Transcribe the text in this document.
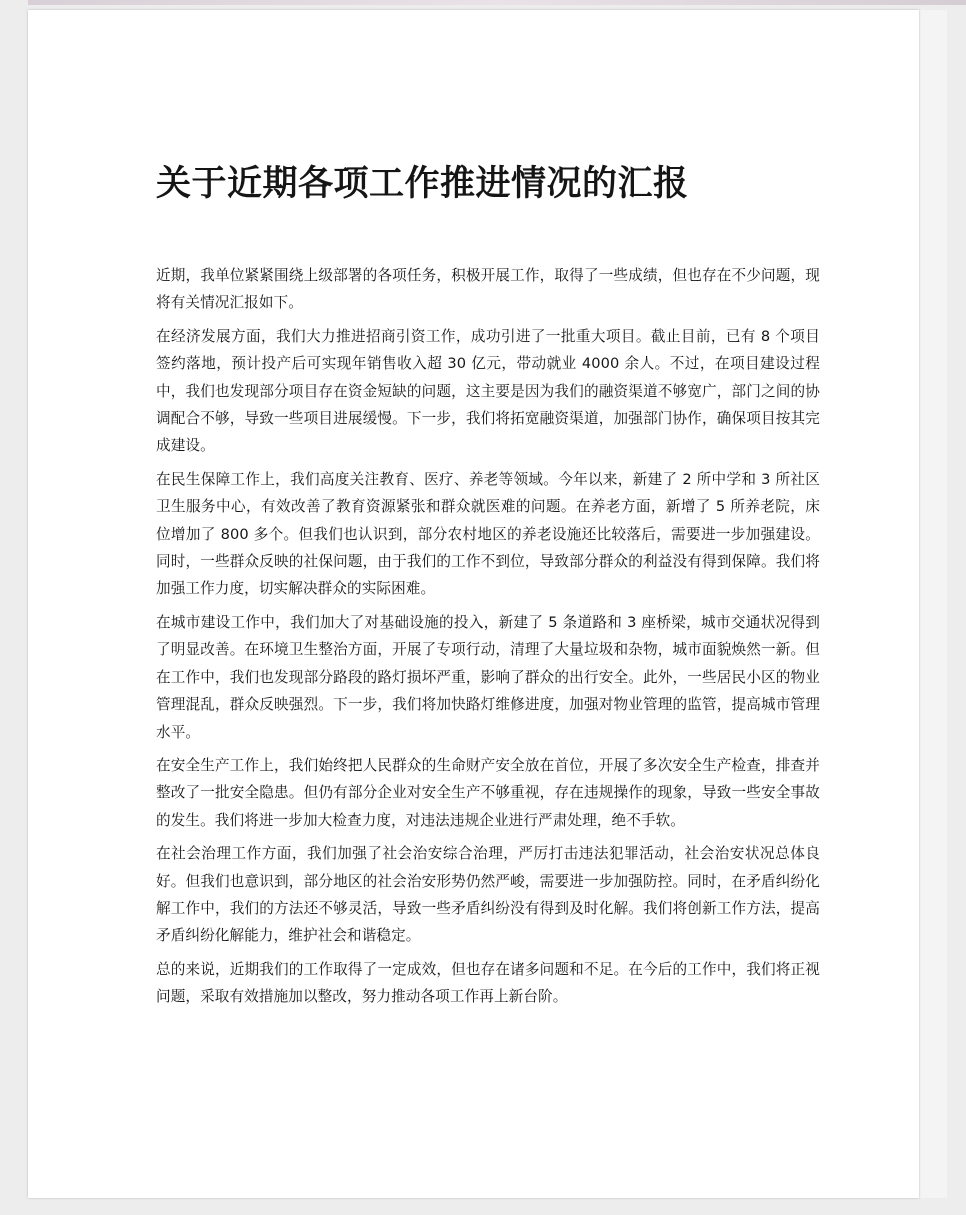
关于近期各项工作推进情况的汇报

近期，我单位紧紧围绕上级部署的各项任务，积极开展工作，取得了一些成绩，但也存在不少问题，现将有关情况汇报如下。

在经济发展方面，我们大力推进招商引资工作，成功引进了一批重大项目。截止目前，已有 8 个项目签约落地，预计投产后可实现年销售收入超 30 亿元，带动就业 4000 余人。不过，在项目建设过程中，我们也发现部分项目存在资金短缺的问题，这主要是因为我们的融资渠道不够宽广，部门之间的协调配合不够，导致一些项目进展缓慢。下一步，我们将拓宽融资渠道，加强部门协作，确保项目按其完成建设。

在民生保障工作上，我们高度关注教育、医疗、养老等领域。今年以来，新建了 2 所中学和 3 所社区卫生服务中心，有效改善了教育资源紧张和群众就医难的问题。在养老方面，新增了 5 所养老院，床位增加了 800 多个。但我们也认识到，部分农村地区的养老设施还比较落后，需要进一步加强建设。同时，一些群众反映的社保问题，由于我们的工作不到位，导致部分群众的利益没有得到保障。我们将加强工作力度，切实解决群众的实际困难。

在城市建设工作中，我们加大了对基础设施的投入，新建了 5 条道路和 3 座桥梁，城市交通状况得到了明显改善。在环境卫生整治方面，开展了专项行动，清理了大量垃圾和杂物，城市面貌焕然一新。但在工作中，我们也发现部分路段的路灯损坏严重，影响了群众的出行安全。此外，一些居民小区的物业管理混乱，群众反映强烈。下一步，我们将加快路灯维修进度，加强对物业管理的监管，提高城市管理水平。

在安全生产工作上，我们始终把人民群众的生命财产安全放在首位，开展了多次安全生产检查，排查并整改了一批安全隐患。但仍有部分企业对安全生产不够重视，存在违规操作的现象，导致一些安全事故的发生。我们将进一步加大检查力度，对违法违规企业进行严肃处理，绝不手软。

在社会治理工作方面，我们加强了社会治安综合治理，严厉打击违法犯罪活动，社会治安状况总体良好。但我们也意识到，部分地区的社会治安形势仍然严峻，需要进一步加强防控。同时，在矛盾纠纷化解工作中，我们的方法还不够灵活，导致一些矛盾纠纷没有得到及时化解。我们将创新工作方法，提高矛盾纠纷化解能力，维护社会和谐稳定。

总的来说，近期我们的工作取得了一定成效，但也存在诸多问题和不足。在今后的工作中，我们将正视问题，采取有效措施加以整改，努力推动各项工作再上新台阶。
